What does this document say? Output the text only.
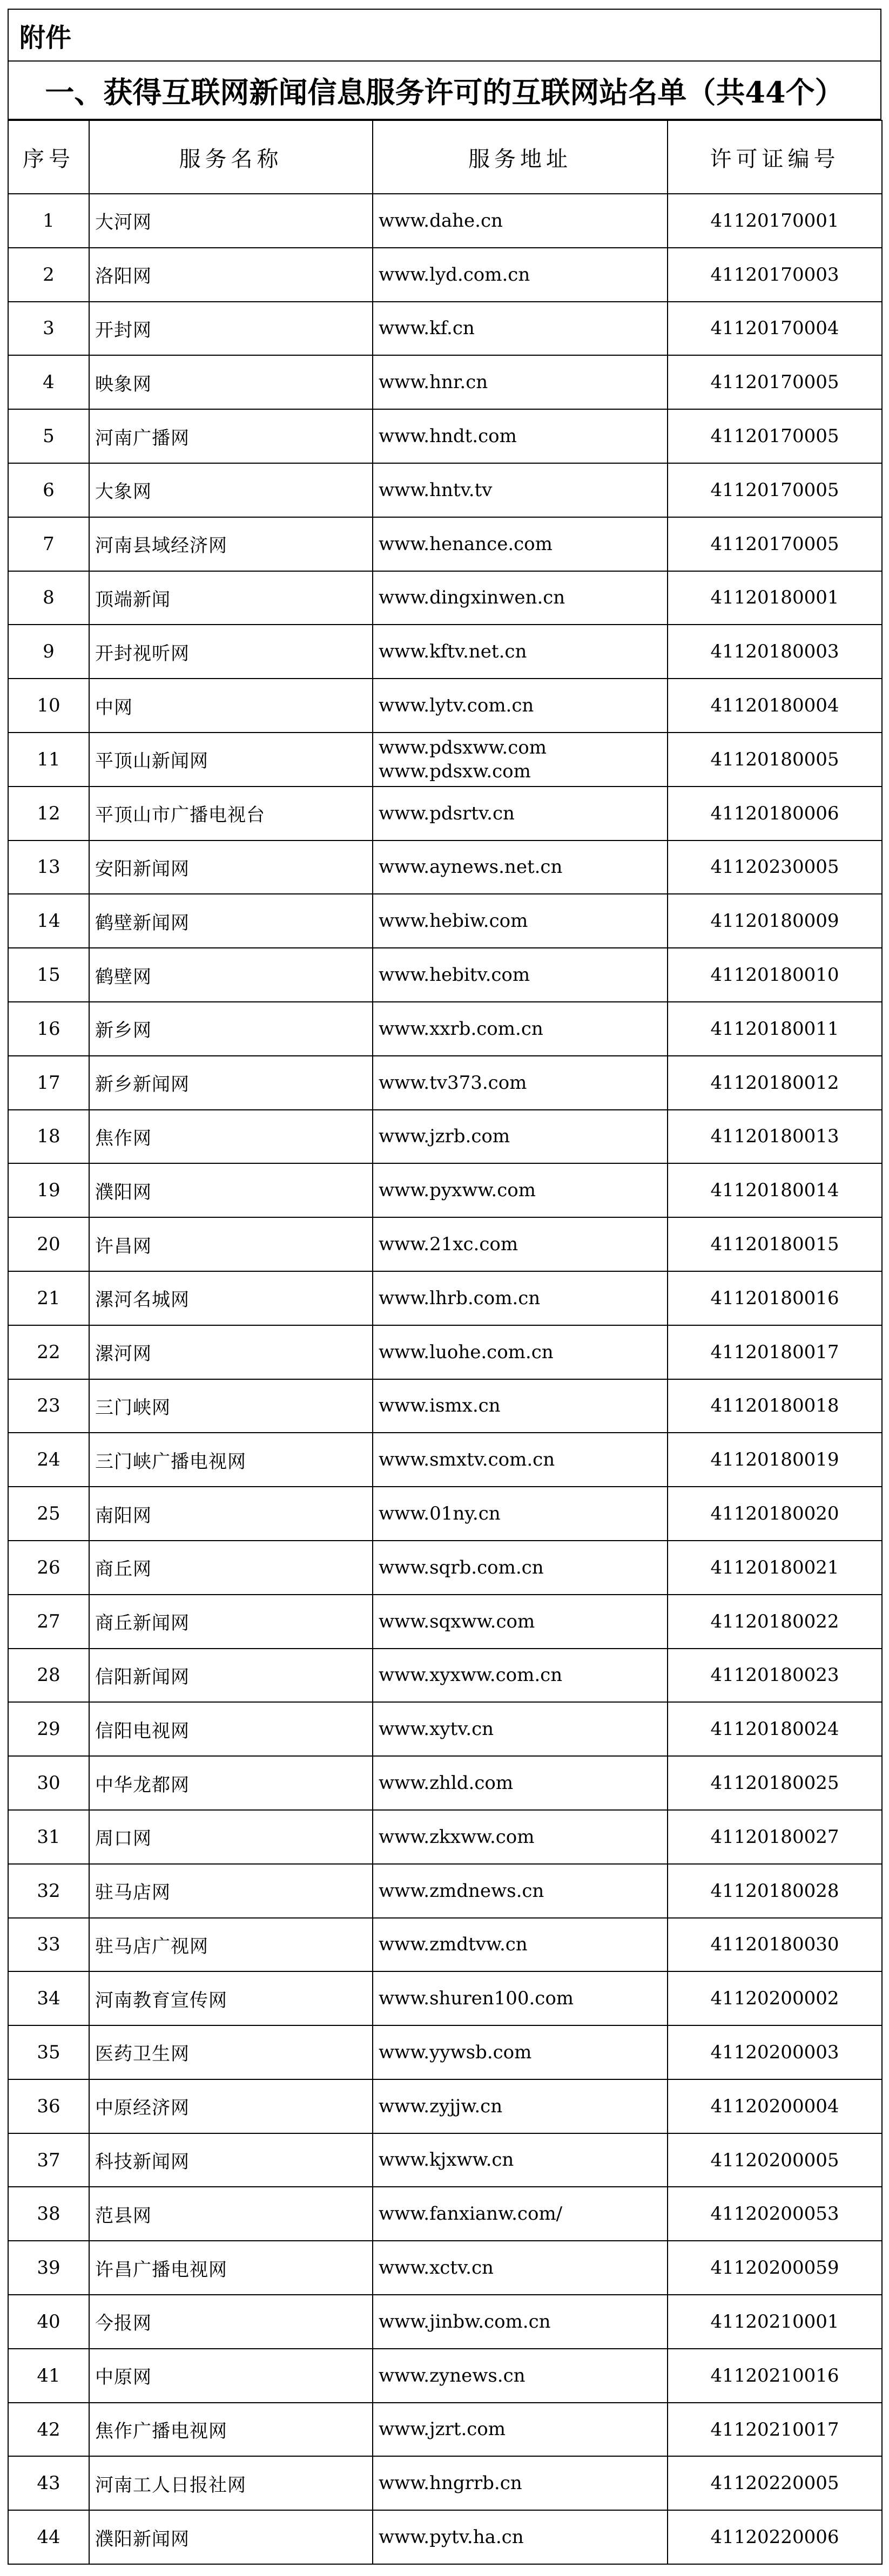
附件
一、获得互联网新闻信息服务许可的互联网站名单（共44个）
序号	服务名称	服务地址	许可证编号
1	大河网	www.dahe.cn	41120170001
2	洛阳网	www.lyd.com.cn	41120170003
3	开封网	www.kf.cn	41120170004
4	映象网	www.hnr.cn	41120170005
5	河南广播网	www.hndt.com	41120170005
6	大象网	www.hntv.tv	41120170005
7	河南县域经济网	www.henance.com	41120170005
8	顶端新闻	www.dingxinwen.cn	41120180001
9	开封视听网	www.kftv.net.cn	41120180003
10	中网	www.lytv.com.cn	41120180004
11	平顶山新闻网	www.pdsxww.com
www.pdsxw.com	41120180005
12	平顶山市广播电视台	www.pdsrtv.cn	41120180006
13	安阳新闻网	www.aynews.net.cn	41120230005
14	鹤壁新闻网	www.hebiw.com	41120180009
15	鹤壁网	www.hebitv.com	41120180010
16	新乡网	www.xxrb.com.cn	41120180011
17	新乡新闻网	www.tv373.com	41120180012
18	焦作网	www.jzrb.com	41120180013
19	濮阳网	www.pyxww.com	41120180014
20	许昌网	www.21xc.com	41120180015
21	漯河名城网	www.lhrb.com.cn	41120180016
22	漯河网	www.luohe.com.cn	41120180017
23	三门峡网	www.ismx.cn	41120180018
24	三门峡广播电视网	www.smxtv.com.cn	41120180019
25	南阳网	www.01ny.cn	41120180020
26	商丘网	www.sqrb.com.cn	41120180021
27	商丘新闻网	www.sqxww.com	41120180022
28	信阳新闻网	www.xyxww.com.cn	41120180023
29	信阳电视网	www.xytv.cn	41120180024
30	中华龙都网	www.zhld.com	41120180025
31	周口网	www.zkxww.com	41120180027
32	驻马店网	www.zmdnews.cn	41120180028
33	驻马店广视网	www.zmdtvw.cn	41120180030
34	河南教育宣传网	www.shuren100.com	41120200002
35	医药卫生网	www.yywsb.com	41120200003
36	中原经济网	www.zyjjw.cn	41120200004
37	科技新闻网	www.kjxww.cn	41120200005
38	范县网	www.fanxianw.com/	41120200053
39	许昌广播电视网	www.xctv.cn	41120200059
40	今报网	www.jinbw.com.cn	41120210001
41	中原网	www.zynews.cn	41120210016
42	焦作广播电视网	www.jzrt.com	41120210017
43	河南工人日报社网	www.hngrrb.cn	41120220005
44	濮阳新闻网	www.pytv.ha.cn	41120220006
